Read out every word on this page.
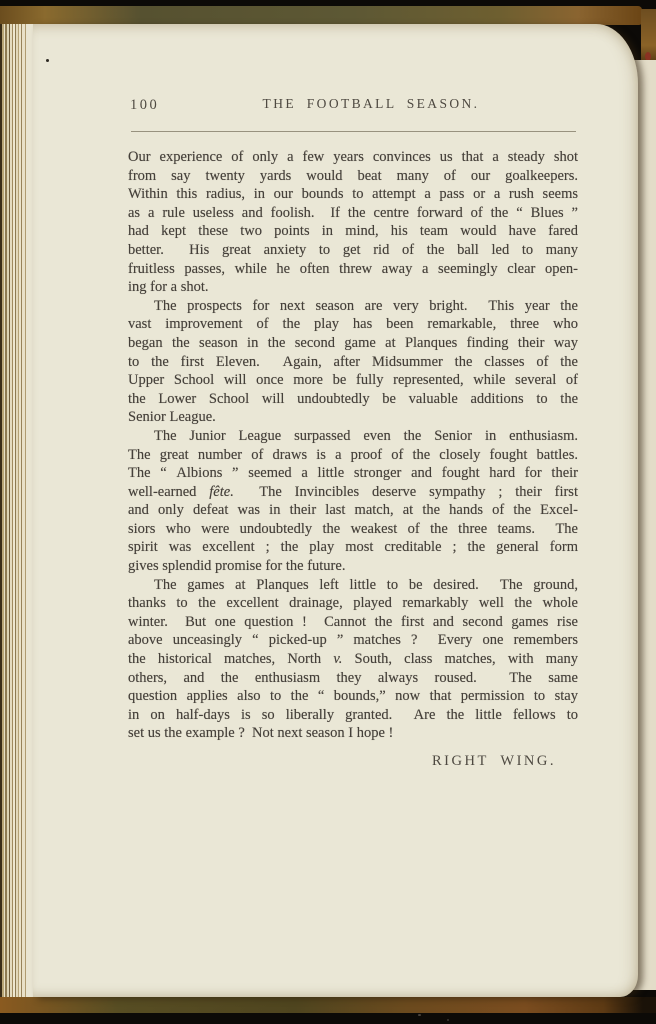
100	THE FOOTBALL SEASON.
Our experience of only a few years convinces us that a steady shot
from say twenty yards would beat many of our goalkeepers.
Within this radius, in our bounds to attempt a pass or a rush seems
as a rule useless and foolish.  If the centre forward of the “ Blues ”
had kept these two points in mind, his team would have fared
better.  His great anxiety to get rid of the ball led to many
fruitless passes, while he often threw away a seemingly clear open-
ing for a shot.
The prospects for next season are very bright.  This year the
vast improvement of the play has been remarkable, three who
began the season in the second game at Planques finding their way
to the first Eleven.  Again, after Midsummer the classes of the
Upper School will once more be fully represented, while several of
the Lower School will undoubtedly be valuable additions to the
Senior League.
The Junior League surpassed even the Senior in enthusiasm.
The great number of draws is a proof of the closely fought battles.
The “ Albions ” seemed a little stronger and fought hard for their
well-earned fête.  The Invincibles deserve sympathy ; their first
and only defeat was in their last match, at the hands of the Excel-
siors who were undoubtedly the weakest of the three teams.  The
spirit was excellent ; the play most creditable ; the general form
gives splendid promise for the future.
The games at Planques left little to be desired.  The ground,
thanks to the excellent drainage, played remarkably well the whole
winter.  But one question !  Cannot the first and second games rise
above unceasingly “ picked-up ” matches ?  Every one remembers
the historical matches, North v. South, class matches, with many
others, and the enthusiasm they always roused.  The same
question applies also to the “ bounds,” now that permission to stay
in on half-days is so liberally granted.  Are the little fellows to
set us the example ?  Not next season I hope !
RIGHT WING.
